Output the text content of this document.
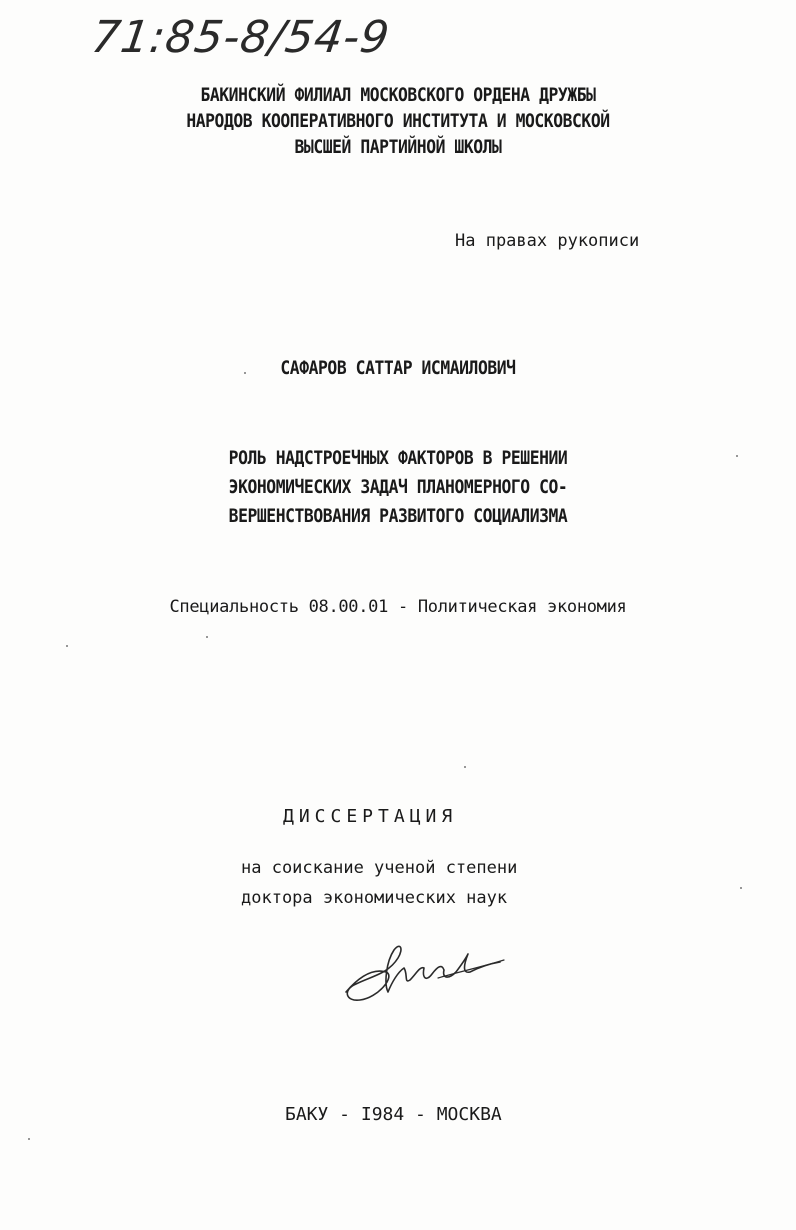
71:85-8/54-9
БАКИНСКИЙ ФИЛИАЛ МОСКОВСКОГО ОРДЕНА ДРУЖБЫ
НАРОДОВ КООПЕРАТИВНОГО ИНСТИТУТА И МОСКОВСКОЙ
ВЫСШЕЙ ПАРТИЙНОЙ ШКОЛЫ
На правах рукописи
САФАРОВ САТТАР ИСМАИЛОВИЧ
РОЛЬ НАДСТРОЕЧНЫХ ФАКТОРОВ В РЕШЕНИИ
ЭКОНОМИЧЕСКИХ ЗАДАЧ ПЛАНОМЕРНОГО СО-
ВЕРШЕНСТВОВАНИЯ РАЗВИТОГО СОЦИАЛИЗМА
Специальность 08.00.01 - Политическая экономия
ДИССЕРТАЦИЯ
на соискание ученой степени
доктора экономических наук
БАКУ - I984 - МОСКВА
